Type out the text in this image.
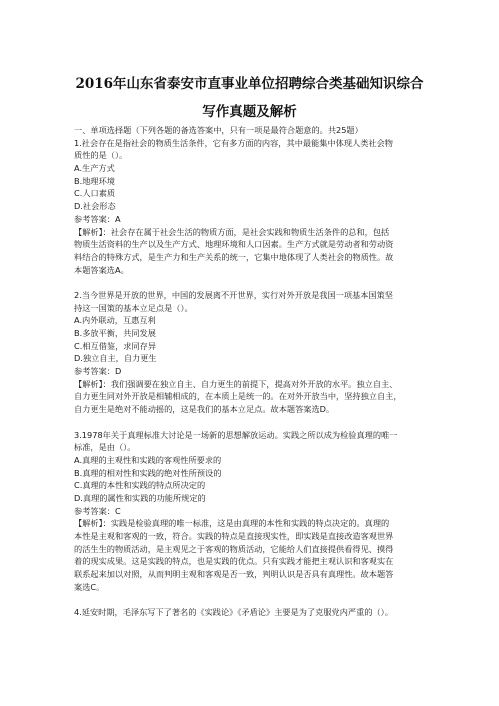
2016年山东省泰安市直事业单位招聘综合类基础知识综合
写作真题及解析
一、单项选择题（下列各题的备选答案中，只有一项是最符合题意的。共25题）
1.社会存在是指社会的物质生活条件，它有多方面的内容，其中最能集中体现人类社会物
质性的是（）。
A.生产方式
B.地理环境
C.人口素质
D.社会形态
参考答案：A
【解析】：社会存在属于社会生活的物质方面，是社会实践和物质生活条件的总和，包括
物质生活资料的生产以及生产方式、地理环境和人口因素。生产方式就是劳动者和劳动资
料结合的特殊方式，是生产力和生产关系的统一，它集中地体现了人类社会的物质性。故
本题答案选A。
2.当今世界是开放的世界，中国的发展离不开世界，实行对外开放是我国一项基本国策坚
持这一国策的基本立足点是（）。
A.内外联动，互惠互利
B.多放平衡，共同发展
C.相互借鉴，求同存异
D.独立自主，自力更生
参考答案：D
【解析】：我们强调要在独立自主、自力更生的前提下，提高对外开放的水平。独立自主、
自力更生同对外开放是相辅相成的，在本质上是统一的。在对外开放当中，坚持独立自主，
自力更生是绝对不能动摇的，这是我们的基本立足点。故本题答案选D。
3.1978年关于真理标准大讨论是一场新的思想解放运动。实践之所以成为检验真理的唯一
标准，是由（）。
A.真理的主观性和实践的客观性所要求的
B.真理的相对性和实践的绝对性所预设的
C.真理的本性和实践的特点所决定的
D.真理的属性和实践的功能所规定的
参考答案：C
【解析】：实践是检验真理的唯一标准，这是由真理的本性和实践的特点决定的。真理的
本性是主观和客观的一致，符合。实践的特点是直接现实性，即实践是直接改造客观世界
的活生生的物质活动，是主观见之于客观的物质活动，它能给人们直接提供看得见、摸得
着的现实成果。这是实践的特点，也是实践的优点。只有实践才能把主观认识和客观实在
联系起来加以对照，从而判明主观和客观是否一致，判明认识是否具有真理性。故本题答
案选C。
4.延安时期，毛泽东写下了著名的《实践论》《矛盾论》主要是为了克服党内严重的（）。
